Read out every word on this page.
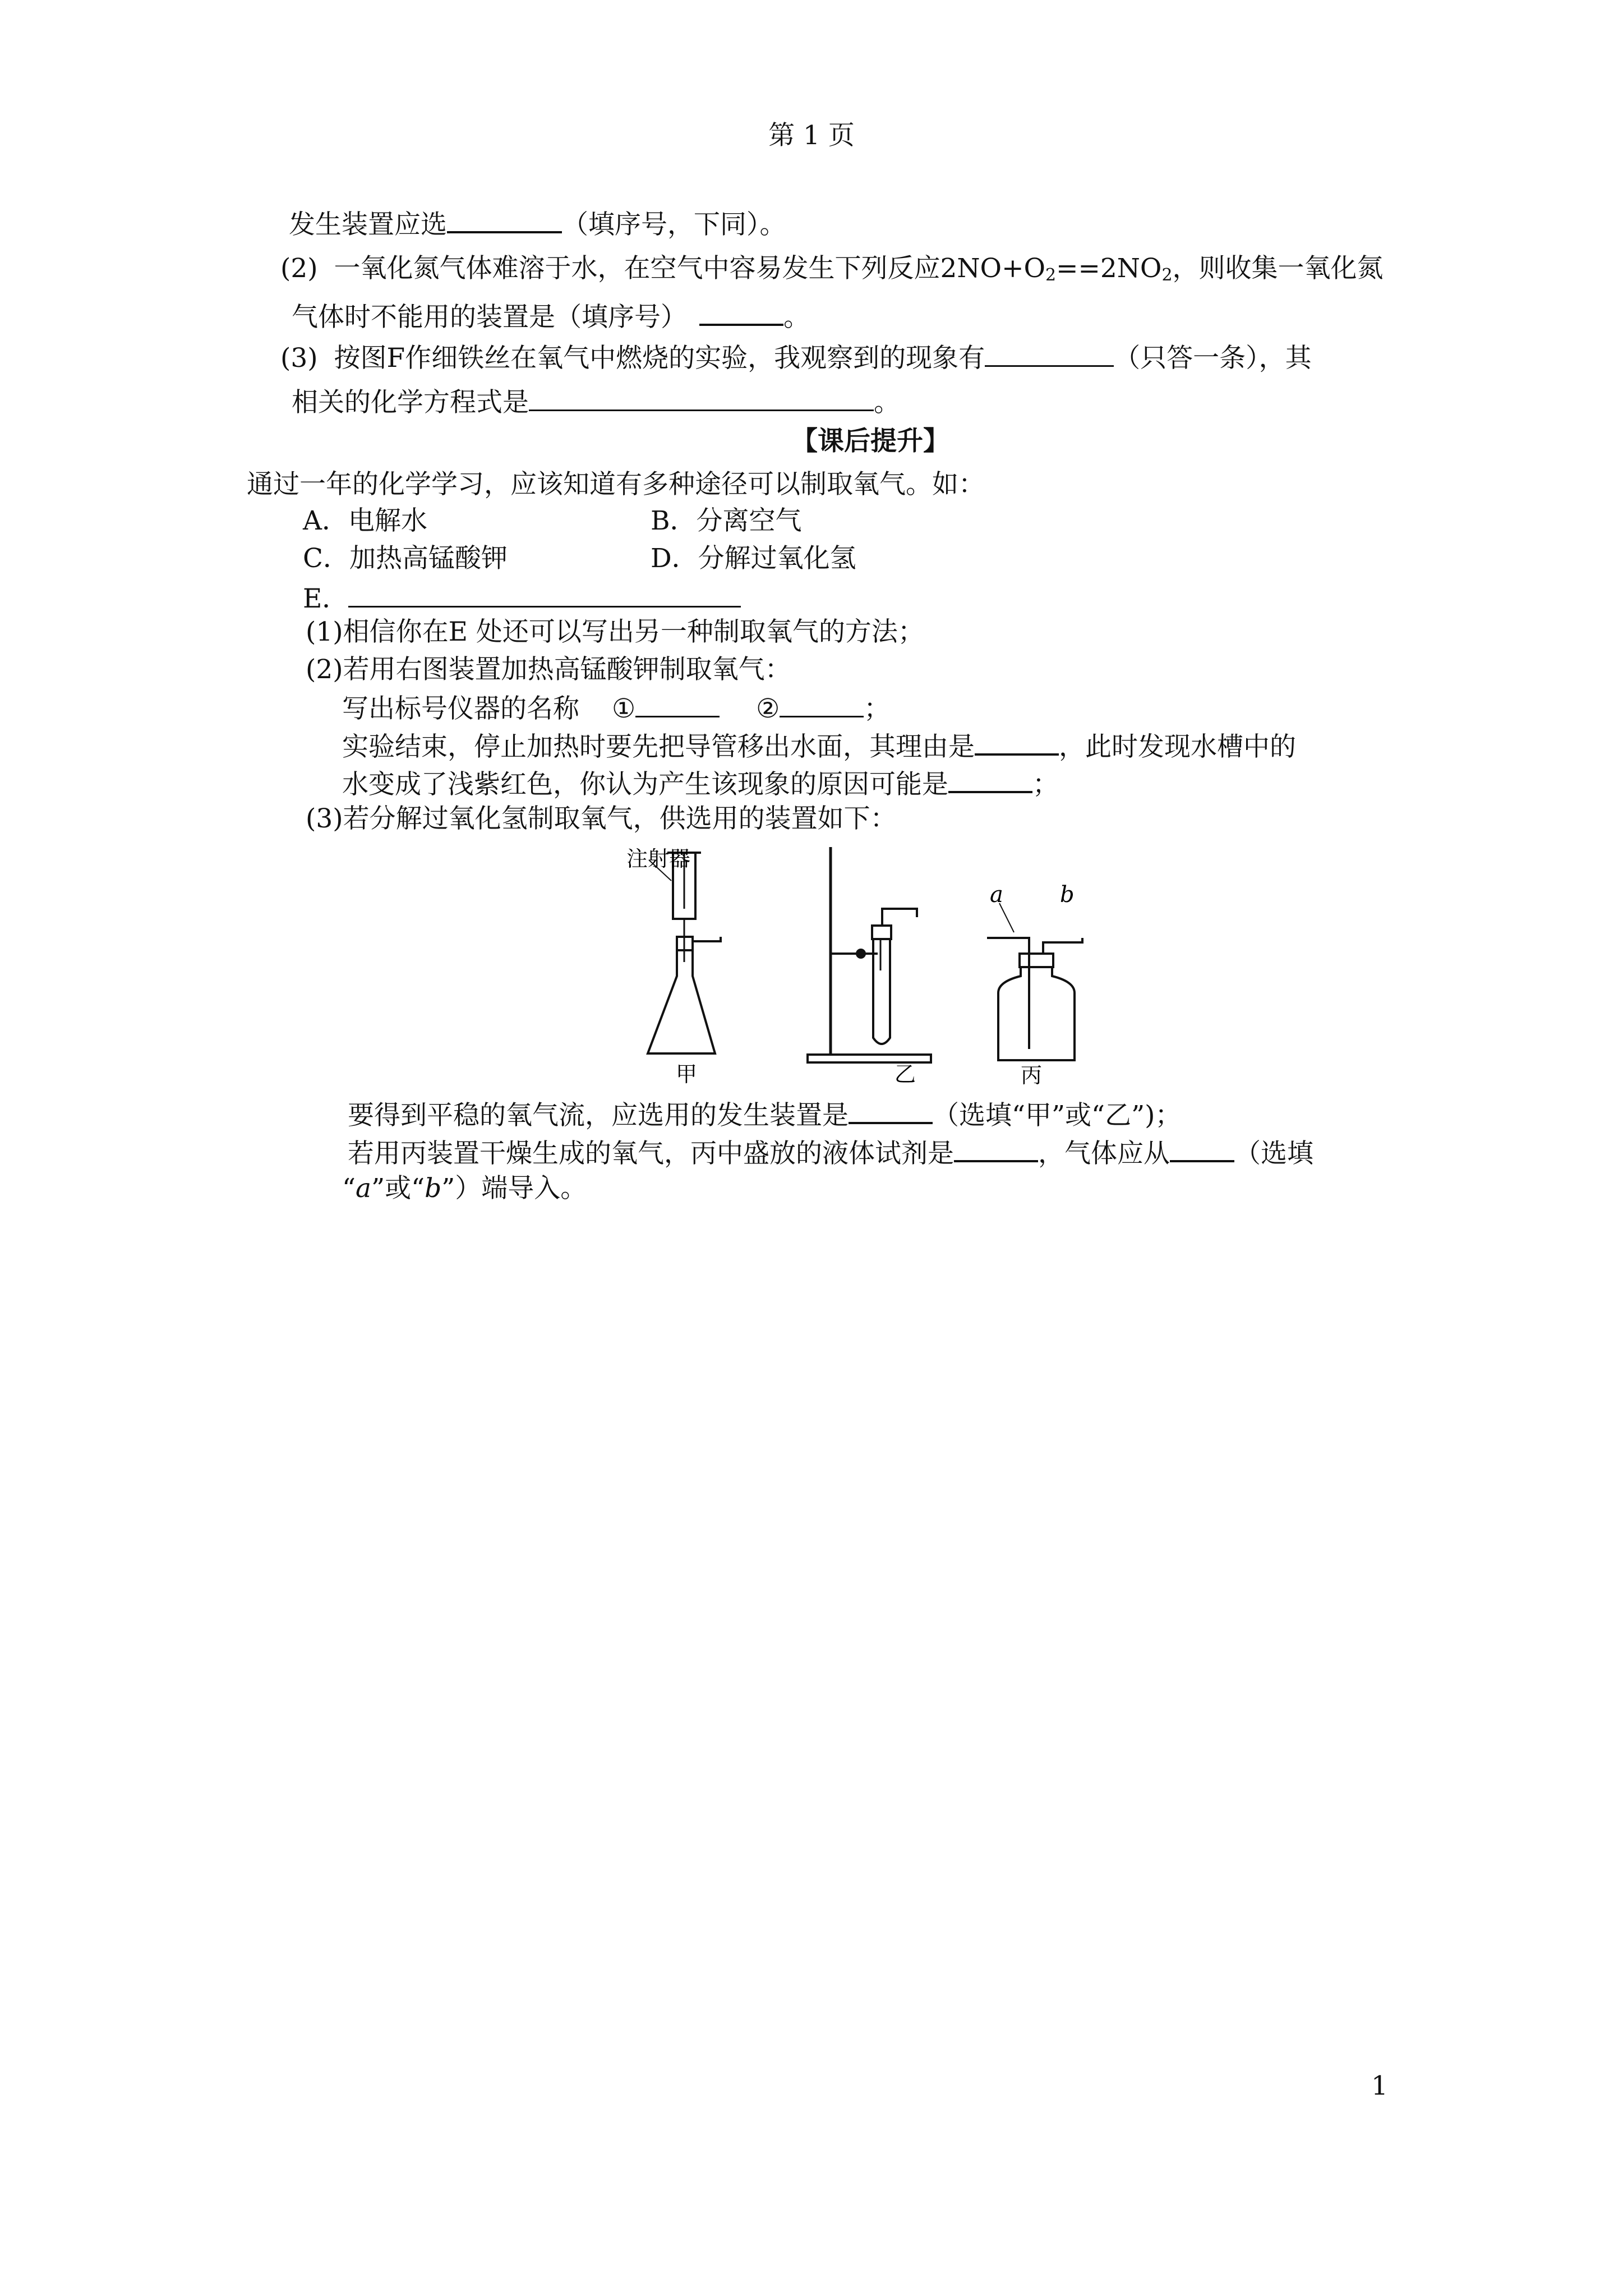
第 1 页
发生装置应选	（填序号，下同）。
(2) 一氧化氮气体难溶于水，在空气中容易发生下列反应$2NO+O_2==2NO_2$，则收集一氧化氮
气体时不能用的装置是（填序号）	。
(3) 按图F作细铁丝在氧气中燃烧的实验，我观察到的现象有	（只答一条），其
相关的化学方程式是	。
【课后提升】
通过一年的化学学习，应该知道有多种途径可以制取氧气。如：
A．电解水	B．分离空气
C．加热高锰酸钾	D．分解过氧化氢
E．
(1)相信你在E 处还可以写出另一种制取氧气的方法；
(2)若用右图装置加热高锰酸钾制取氧气：
写出标号仪器的名称 ①	②	；
实验结束，停止加热时要先把导管移出水面，其理由是	，此时发现水槽中的
水变成了浅紫红色，你认为产生该现象的原因可能是	；
(3)若分解过氧化氢制取氧气，供选用的装置如下：
注射器
甲	乙
a	b
丙
要得到平稳的氧气流，应选用的发生装置是	（选填“甲”或“乙”)；
若用丙装置干燥生成的氧气，丙中盛放的液体试剂是	，气体应从 （选填
“a”或“b”）端导入。
1
